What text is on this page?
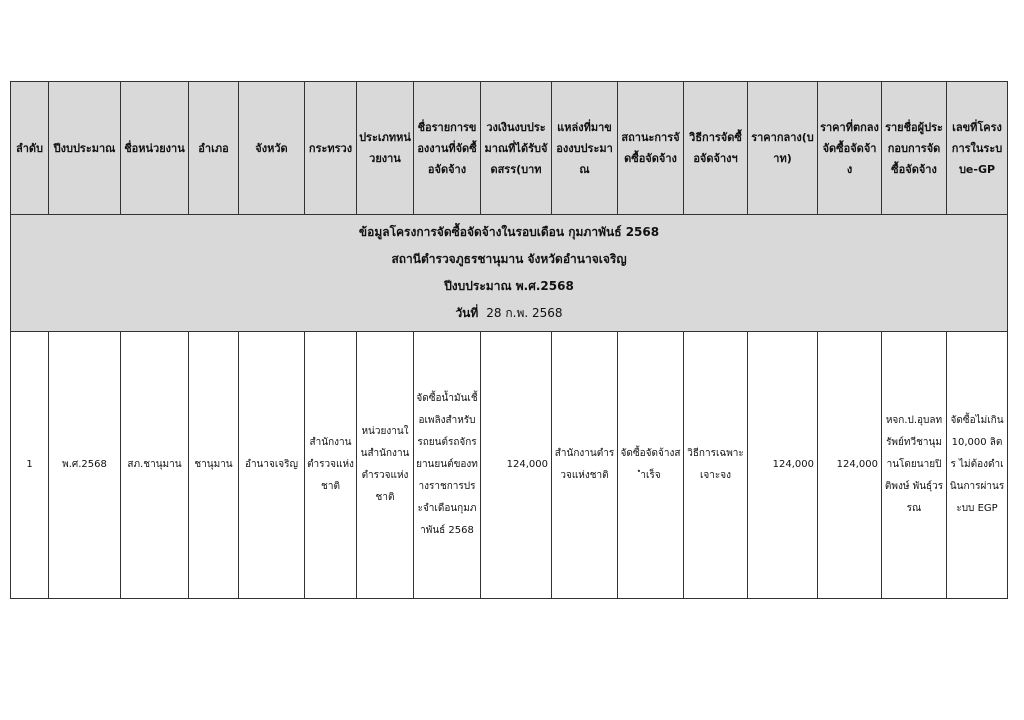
ข้อมูลโครงการจัดซื้อจัดจ้างในรอบเดือน กุมภาพันธ์ 2568
สถานีตำรวจภูธรชานุมาน จังหวัดอำนาจเจริญ
ปีงบประมาณ พ.ศ.2568
วันที่ 28 ก.พ. 2568															

ลำดับ	ปีงบประมาณ	ชื่อหน่วยงาน	อำเภอ	จังหวัด	กระทรวง	ประเภทหน่วยงาน	ชื่อรายการของงานที่จัดซื้อจัดจ้าง	วงเงินงบประมาณที่ได้รับจัดสรร(บาท	แหล่งที่มาของงบประมาณ	สถานะการจัดซื้อจัดจ้าง	วิธีการจัดซื้อจัดจ้างฯ	ราคากลาง(บาท)	ราคาที่ตกลงจัดซื้อจัดจ้าง	รายชื่อผู้ประกอบการจัดซื้อจัดจ้าง	เลขที่โครงการในระบบe-GP
1	พ.ศ.2568	สภ.ชานุมาน	ชานุมาน	อำนาจเจริญ	สำนักงานตำรวจแห่งชาติ	หน่วยงานในสำนักงานตำรวจแห่งชาติ	จัดซื้อน้ำมันเชื้อเพลิงสำหรับรถยนต์รถจักรยานยนต์ของทางราชการประจำเดือนกุมภาพันธ์ 2568	124,000	สำนักงานตำรวจแห่งชาติ	จัดซื้อจัดจ้างสำเร็จ	วิธีการเฉพาะเจาะจง	124,000	124,000	หจก.ป.อุบลทรัพย์ทวีชานุมานโดยนายปิติพงษ์ พันธุ์วรรณ	จัดซื้อไม่เกิน 10,000 ลิตร ไม่ต้องดำเนินการผ่านระบบ EGP
